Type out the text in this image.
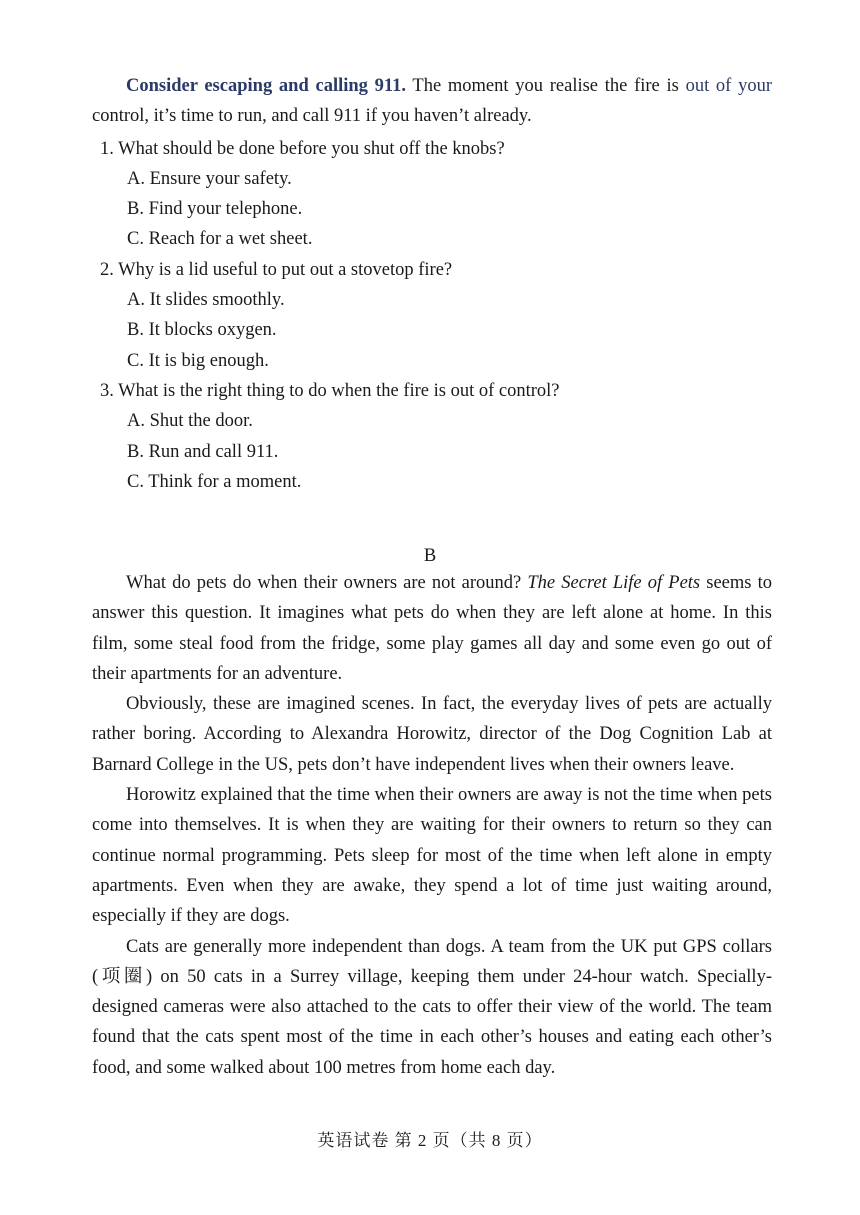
Consider escaping and calling 911. The moment you realise the fire is out of your control, it’s time to run, and call 911 if you haven’t already.

1. What should be done before you shut off the knobs?

A. Ensure your safety.

B. Find your telephone.

C. Reach for a wet sheet.

2. Why is a lid useful to put out a stovetop fire?

A. It slides smoothly.

B. It blocks oxygen.

C. It is big enough.

3. What is the right thing to do when the fire is out of control?

A. Shut the door.

B. Run and call 911.

C. Think for a moment.

B

What do pets do when their owners are not around? The Secret Life of Pets seems to answer this question. It imagines what pets do when they are left alone at home. In this film, some steal food from the fridge, some play games all day and some even go out of their apartments for an adventure.

Obviously, these are imagined scenes. In fact, the everyday lives of pets are actually rather boring. According to Alexandra Horowitz, director of the Dog Cognition Lab at Barnard College in the US, pets don’t have independent lives when their owners leave.

Horowitz explained that the time when their owners are away is not the time when pets come into themselves. It is when they are waiting for their owners to return so they can continue normal programming. Pets sleep for most of the time when left alone in empty apartments. Even when they are awake, they spend a lot of time just waiting around, especially if they are dogs.

Cats are generally more independent than dogs. A team from the UK put GPS collars (项圈) on 50 cats in a Surrey village, keeping them under 24-hour watch. Specially-designed cameras were also attached to the cats to offer their view of the world. The team found that the cats spent most of the time in each other’s houses and eating each other’s food, and some walked about 100 metres from home each day.

英语试卷 第 2 页（共 8 页）
